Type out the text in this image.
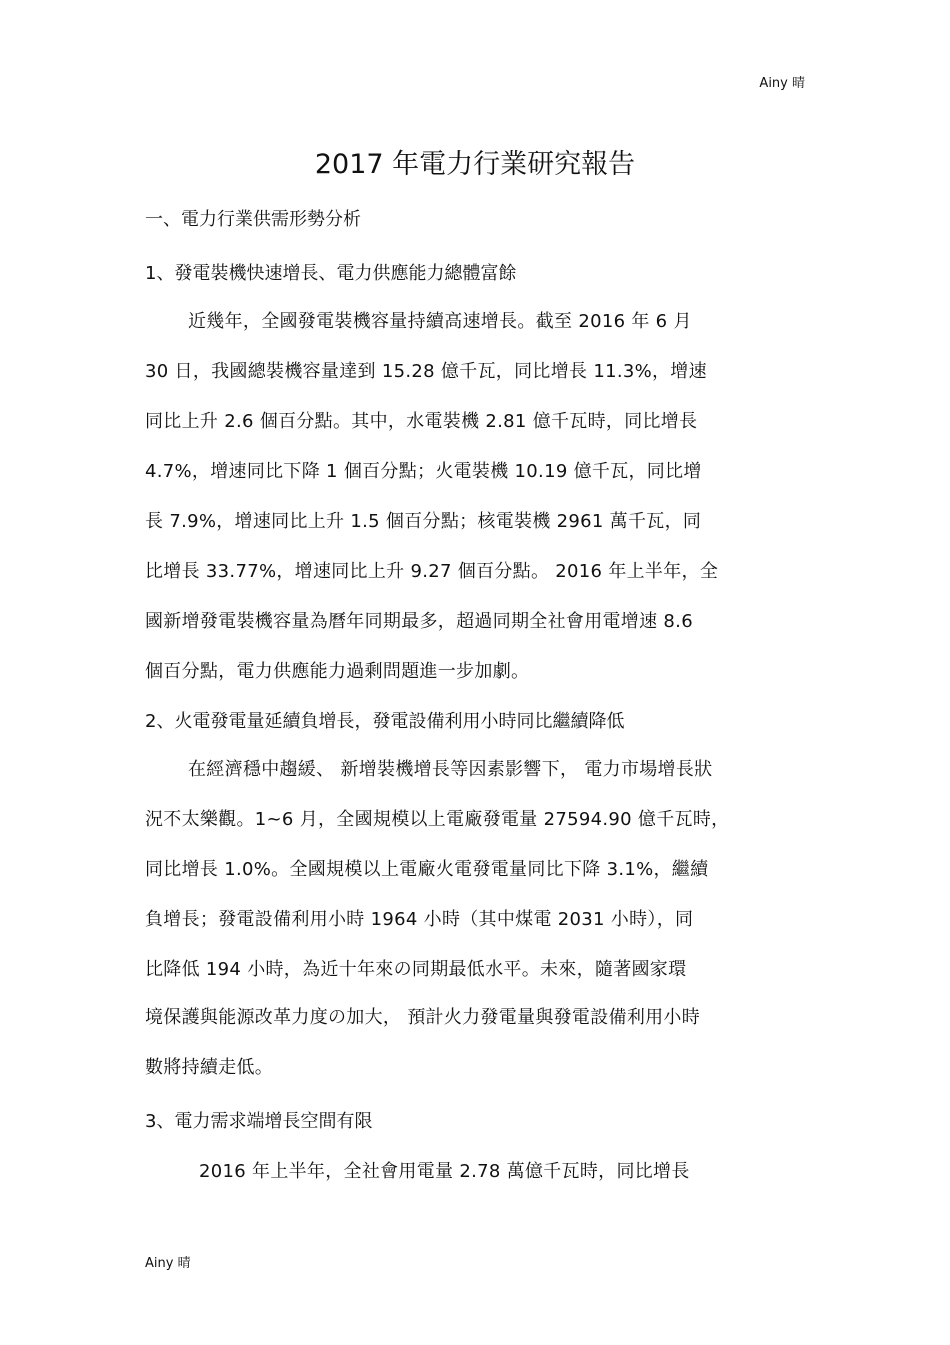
Ainy 晴
2017 年電力行業研究報告
一、電力行業供需形勢分析
1、發電裝機快速增長、電力供應能力總體富餘
近幾年，全國發電裝機容量持續高速增長。截至 2016 年 6 月
30 日，我國總裝機容量達到 15.28 億千瓦，同比增長 11.3%，增速
同比上升 2.6 個百分點。其中，水電裝機 2.81 億千瓦時，同比增長
4.7%，增速同比下降 1 個百分點；火電裝機 10.19 億千瓦，同比增
長 7.9%，增速同比上升 1.5 個百分點；核電裝機 2961 萬千瓦，同
比增長 33.77%，增速同比上升 9.27 個百分點。 2016 年上半年，全
國新增發電裝機容量為曆年同期最多，超過同期全社會用電增速 8.6
個百分點，電力供應能力過剩問題進一步加劇。
2、火電發電量延續負增長，發電設備利用小時同比繼續降低
在經濟穩中趨緩、 新增裝機增長等因素影響下， 電力市場增長狀
況不太樂觀。1~6 月，全國規模以上電廠發電量 27594.90 億千瓦時，
同比增長 1.0%。全國規模以上電廠火電發電量同比下降 3.1%，繼續
負增長；發電設備利用小時 1964 小時（其中煤電 2031 小時），同
比降低 194 小時，為近十年來の同期最低水平。未來，隨著國家環
境保護與能源改革力度の加大， 預計火力發電量與發電設備利用小時
數將持續走低。
3、電力需求端增長空間有限
2016 年上半年，全社會用電量 2.78 萬億千瓦時，同比增長
Ainy 晴
